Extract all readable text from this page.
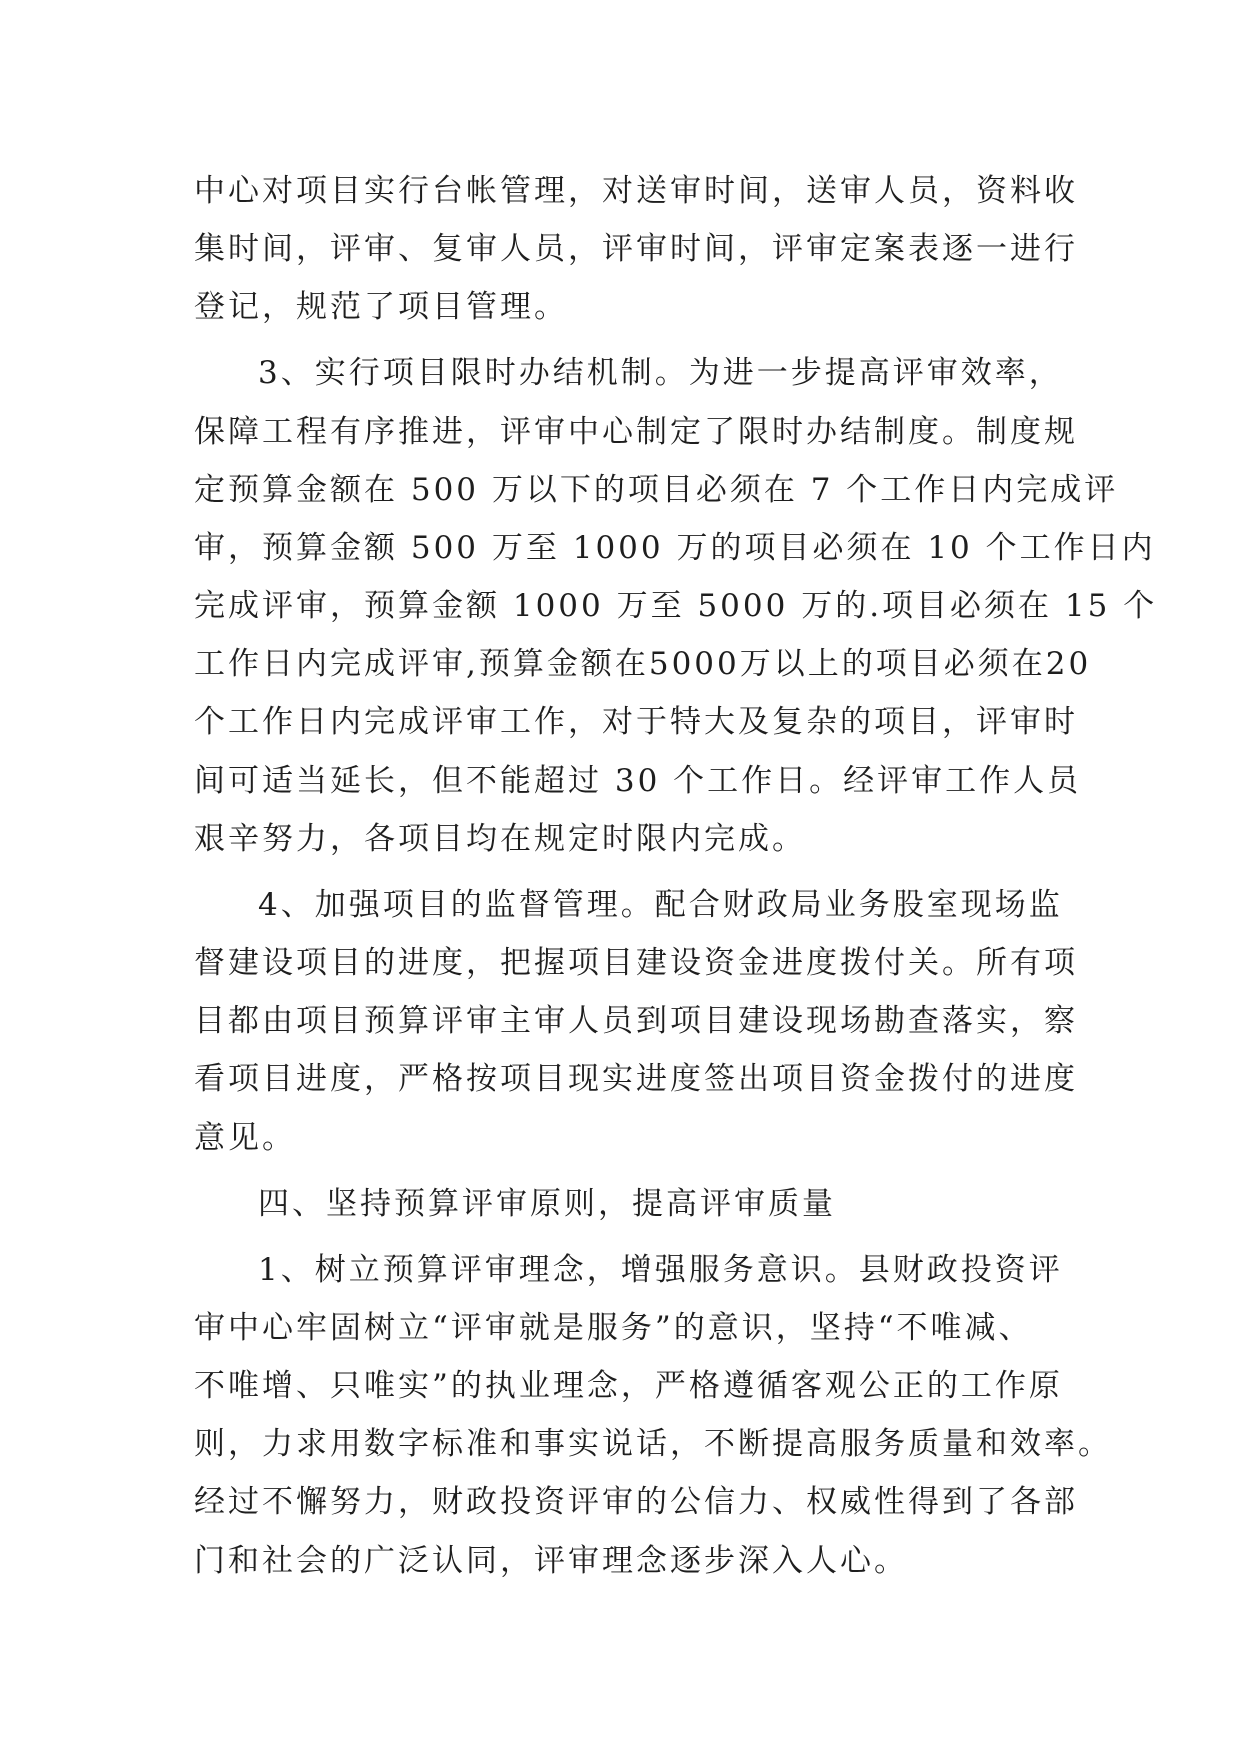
中心对项目实行台帐管理，对送审时间，送审人员，资料收
集时间，评审、复审人员，评审时间，评审定案表逐一进行
登记，规范了项目管理。
3、实行项目限时办结机制。为进一步提高评审效率，
保障工程有序推进，评审中心制定了限时办结制度。制度规
定预算金额在 500 万以下的项目必须在 7 个工作日内完成评
审，预算金额 500 万至 1000 万的项目必须在 10 个工作日内
完成评审，预算金额 1000 万至 5000 万的.项目必须在 15 个
工作日内完成评审,预算金额在5000万以上的项目必须在20
个工作日内完成评审工作，对于特大及复杂的项目，评审时
间可适当延长，但不能超过 30 个工作日。经评审工作人员
艰辛努力，各项目均在规定时限内完成。
4、加强项目的监督管理。配合财政局业务股室现场监
督建设项目的进度，把握项目建设资金进度拨付关。所有项
目都由项目预算评审主审人员到项目建设现场勘查落实，察
看项目进度，严格按项目现实进度签出项目资金拨付的进度
意见。
四、坚持预算评审原则，提高评审质量
1、树立预算评审理念，增强服务意识。县财政投资评
审中心牢固树立“评审就是服务”的意识，坚持“不唯减、
不唯增、只唯实”的执业理念，严格遵循客观公正的工作原
则，力求用数字标准和事实说话，不断提高服务质量和效率。
经过不懈努力，财政投资评审的公信力、权威性得到了各部
门和社会的广泛认同，评审理念逐步深入人心。
